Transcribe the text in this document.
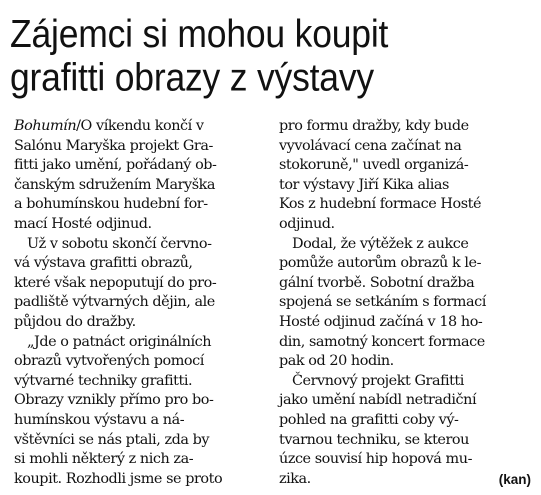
Zájemci si mohou koupit
grafitti obrazy z výstavy

Bohumín/O víkendu končí v
Salónu Maryška projekt Gra-
fitti jako umění, pořádaný ob-
čanským sdružením Maryška
a bohumínskou hudební for-
mací Hosté odjinud.

Už v sobotu skončí červno-
vá výstava grafitti obrazů,
které však nepoputují do pro-
padliště výtvarných dějin, ale
půjdou do dražby.

„Jde o patnáct originálních
obrazů vytvořených pomocí
výtvarné techniky grafitti.
Obrazy vznikly přímo pro bo-
humínskou výstavu a ná-
vštěvníci se nás ptali, zda by
si mohli některý z nich za-
koupit. Rozhodli jsme se proto

pro formu dražby, kdy bude
vyvolávací cena začínat na
stokoruně," uvedl organizá-
tor výstavy Jiří Kika alias
Kos z hudební formace Hosté
odjinud.

Dodal, že výtěžek z aukce
pomůže autorům obrazů k le-
gální tvorbě. Sobotní dražba
spojená se setkáním s formací
Hosté odjinud začíná v 18 ho-
din, samotný koncert formace
pak od 20 hodin.

Červnový projekt Grafitti
jako umění nabídl netradiční
pohled na grafitti coby vý-
tvarnou techniku, se kterou
úzce souvisí hip hopová mu-
zika.	(kan)
